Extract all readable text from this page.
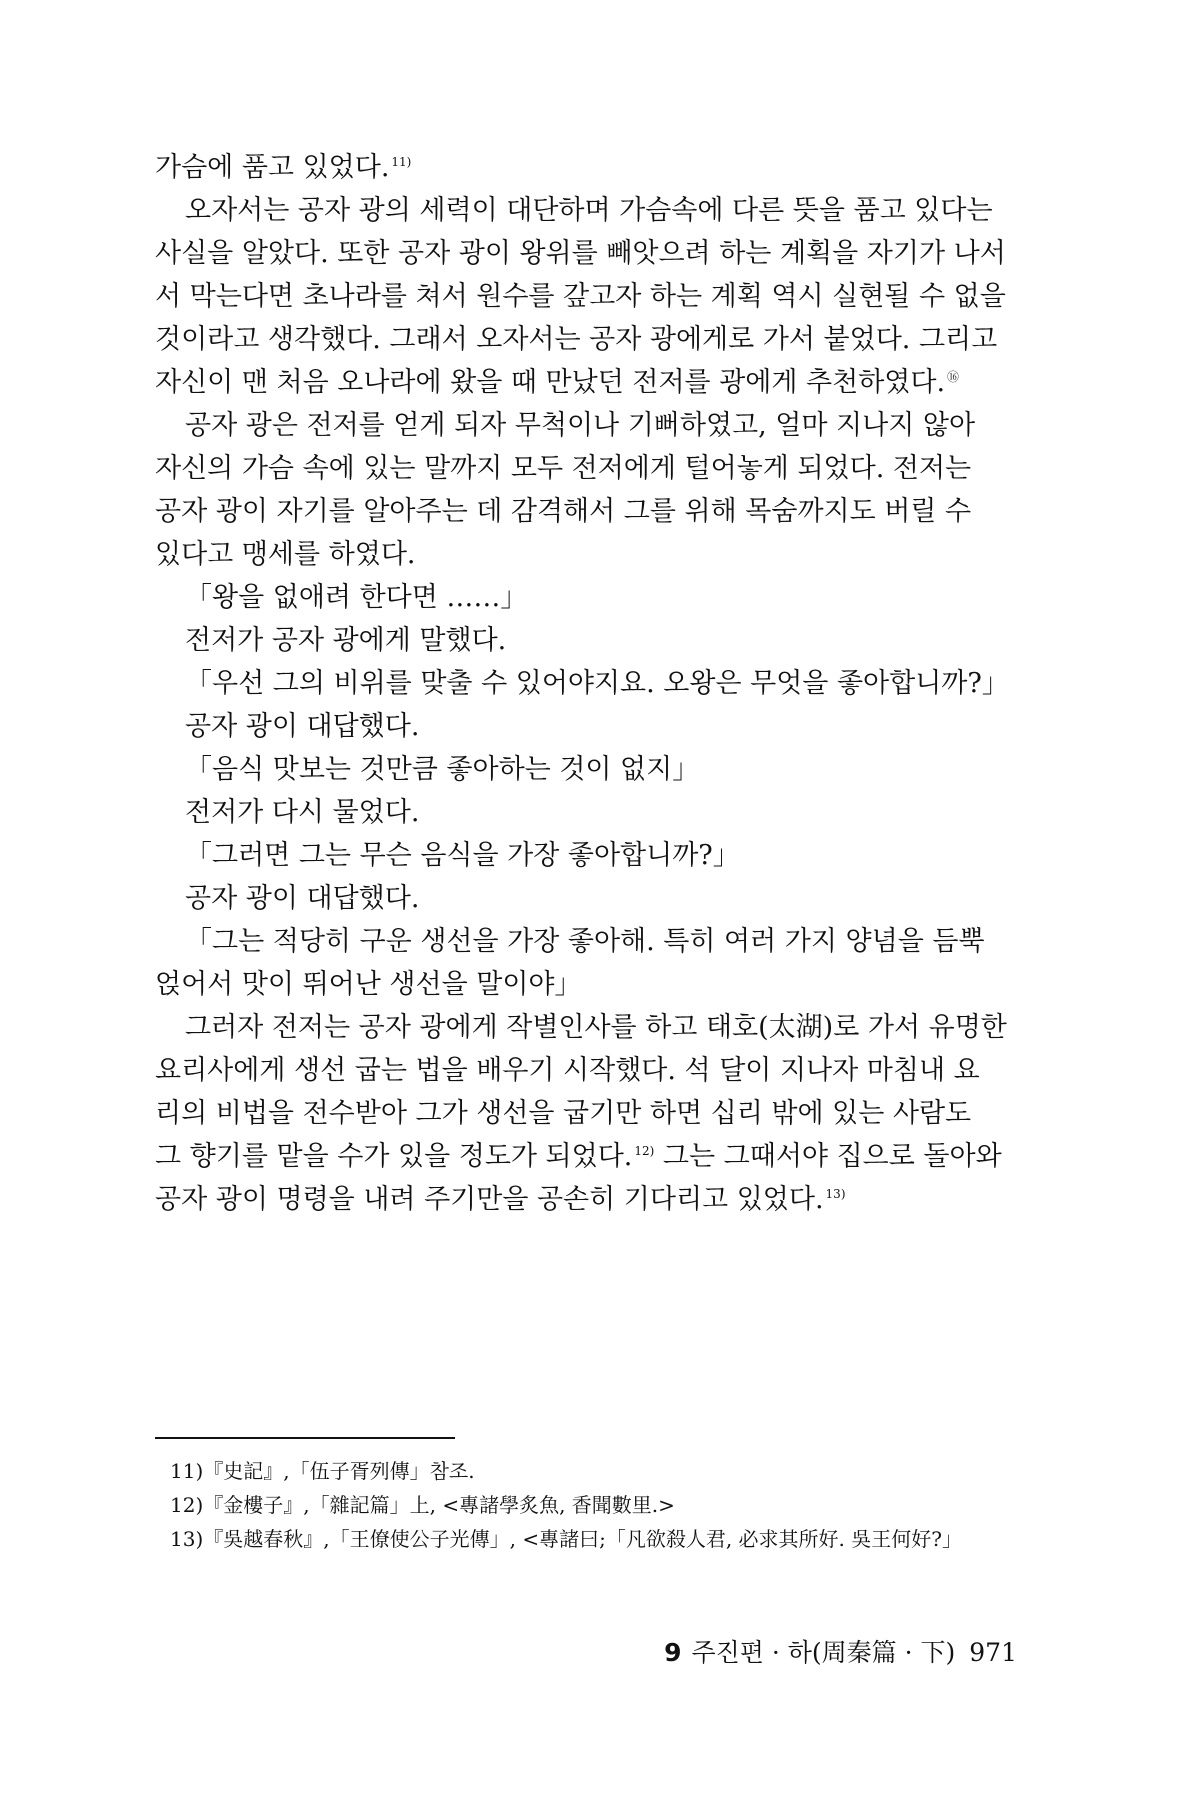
가슴에 품고 있었다. $^{11)}$
오자서는 공자 광의 세력이 대단하며 가슴속에 다른 뜻을 품고 있다는
사실을 알았다. 또한 공자 광이 왕위를 빼앗으려 하는 계획을 자기가 나서
서 막는다면 초나라를 쳐서 원수를 갚고자 하는 계획 역시 실현될 수 없을
것이라고 생각했다. 그래서 오자서는 공자 광에게로 가서 붙었다. 그리고
자신이 맨 처음 오나라에 왔을 때 만났던 전저를 광에게 추천하였다. ⑯
공자 광은 전저를 얻게 되자 무척이나 기뻐하였고, 얼마 지나지 않아
자신의 가슴 속에 있는 말까지 모두 전저에게 털어놓게 되었다. 전저는
공자 광이 자기를 알아주는 데 감격해서 그를 위해 목숨까지도 버릴 수
있다고 맹세를 하였다.
「왕을 없애려 한다면 ……」
전저가 공자 광에게 말했다.
「우선 그의 비위를 맞출 수 있어야지요. 오왕은 무엇을 좋아합니까?」
공자 광이 대답했다.
「음식 맛보는 것만큼 좋아하는 것이 없지」
전저가 다시 물었다.
「그러면 그는 무슨 음식을 가장 좋아합니까?」
공자 광이 대답했다.
「그는 적당히 구운 생선을 가장 좋아해. 특히 여러 가지 양념을 듬뿍
얹어서 맛이 뛰어난 생선을 말이야」
그러자 전저는 공자 광에게 작별인사를 하고 태호(太湖)로 가서 유명한
요리사에게 생선 굽는 법을 배우기 시작했다. 석 달이 지나자 마침내 요
리의 비법을 전수받아 그가 생선을 굽기만 하면 십리 밖에 있는 사람도
그 향기를 맡을 수가 있을 정도가 되었다. $^{12)}$ 그는 그때서야 집으로 돌아와
공자 광이 명령을 내려 주기만을 공손히 기다리고 있었다. $^{13)}$
11)『史記』,「伍子胥列傳」참조.
12)『金樓子』,「雜記篇」上, <專諸學炙魚, 香聞數里.>
13)『吳越春秋』,「王僚使公子光傳」, <專諸曰;「凡欲殺人君, 必求其所好. 吳王何好?」
9 주진편 · 하(周秦篇 · 下) 971
